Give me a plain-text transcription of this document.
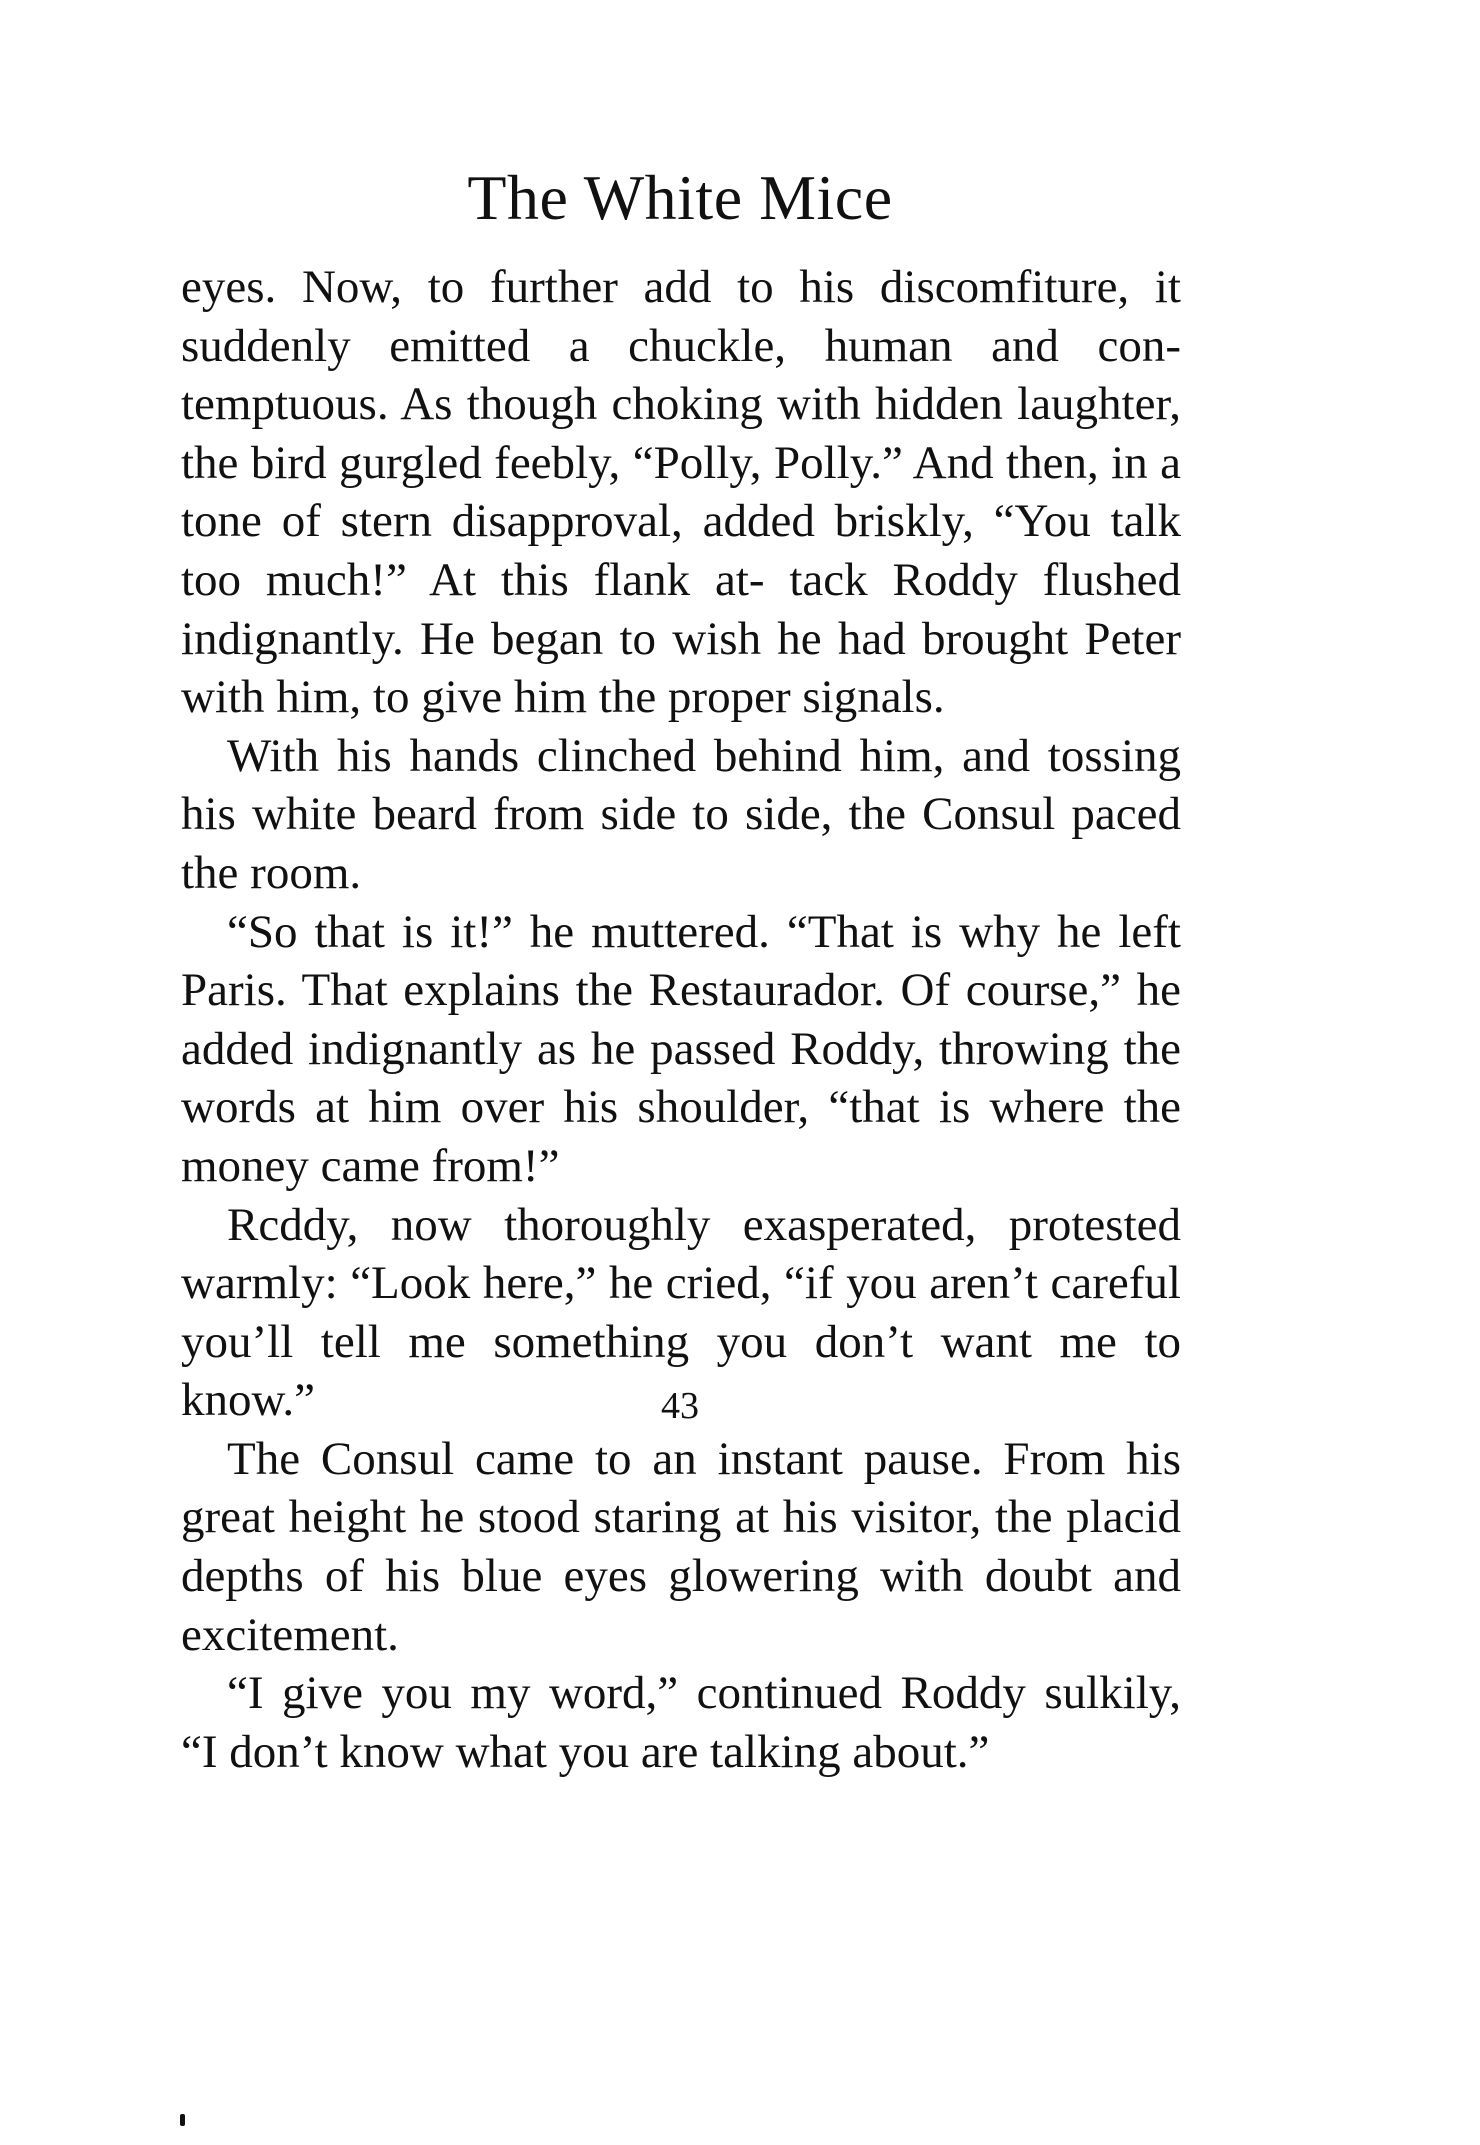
The White Mice

eyes. Now, to further add to his discomfiture, it suddenly emitted a chuckle, human and con- temptuous. As though choking with hidden laughter, the bird gurgled feebly, “Polly, Polly.” And then, in a tone of stern disapproval, added briskly, “You talk too much!” At this flank at- tack Roddy flushed indignantly. He began to wish he had brought Peter with him, to give him the proper signals.

With his hands clinched behind him, and tossing his white beard from side to side, the Consul paced the room.

“So that is it!” he muttered. “That is why he left Paris. That explains the Restaurador. Of course,” he added indignantly as he passed Roddy, throwing the words at him over his shoulder, “that is where the money came from!”

Rcddy, now thoroughly exasperated, protested warmly: “Look here,” he cried, “if you aren’t careful you’ll tell me something you don’t want me to know.”

The Consul came to an instant pause. From his great height he stood staring at his visitor, the placid depths of his blue eyes glowering with doubt and excitement.

“I give you my word,” continued Roddy sulkily, “I don’t know what you are talking about.”

43
